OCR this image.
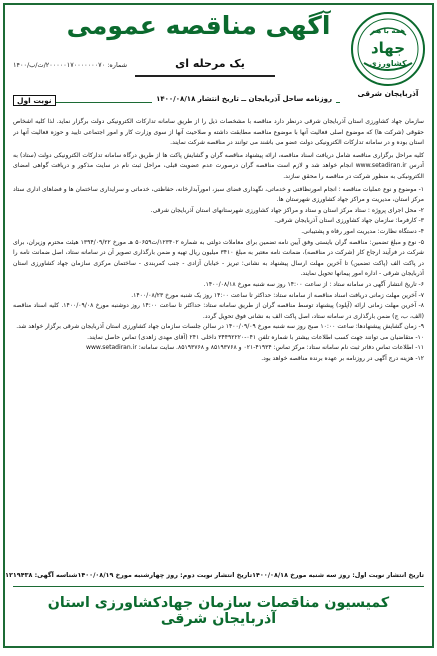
همه با هم
جهاد
کشاورزی
آذربایجان شرقی
آگهی مناقصه عمومی
یک مرحله ای
شماره: ۲۰۰۰۰۰۱۷۰۰۰۰۰۰۰۷۰/ت/ب/۱۴۰۰
روزنامه ساحل آذربایجان ــ تاریخ انتشار ۱۴۰۰/۰۸/۱۸
نوبت اول

سازمان جهاد کشاورزی استان آذربایجان شرقی درنظر دارد مناقصه با مشخصات ذیل را از طریق سامانه تدارکات الکترونیکی دولت برگزار نماید. لذا کلیه اشخاص حقوقی (شرکت ها) که موضوع اصلی فعالیت آنها با موضوع مناقصه مطابقت داشته و صلاحیت آنها از سوی وزارت کار و امور اجتماعی تایید و حوزه فعالیت آنها در استان بوده و در سامانه تدارکات الکترونیکی دولت عضو می باشند می توانند در مناقصه شرکت نمایند.

کلیه مراحل برگزاری مناقصه شامل دریافت اسناد مناقصه، ارائه پیشنهاد مناقصه گران و گشایش پاکت ها از طریق درگاه سامانه تدارکات الکترونیکی دولت (ستاد) به آدرس www.setadiran.ir انجام خواهد شد و لازم است مناقصه گران درصورت عدم عضویت قبلی، مراحل ثبت نام در سایت مذکور و دریافت گواهی امضای الکترونیکی به منظور شرکت در مناقصه را محقق سازند.

۱- موضوع و نوع عملیات مناقصه : انجام امورنظافتی و خدماتی، نگهداری فضای سبز، امورآبدارخانه، حفاظتی، خدماتی و سرایداری ساختمان ها و فضاهای اداری ستاد مرکز استان، مدیریت و مراکز جهاد کشاورزی شهرستان ها.

۲- محل اجرای پروژه : ستاد مرکز استان و ستاد و مراکز جهاد کشاورزی شهرستانهای استان آذربایجان شرقی.

۳- کارفرما: سازمان جهاد کشاورزی استان آذربایجان شرقی.

۴- دستگاه نظارت: مدیریت امور رفاه و پشتیبانی.

۵- نوع و مبلغ تضمین: مناقصه گران بایستی وفق آیین نامه تضمین برای معاملات دولتی به شماره ۱۲۳۴۰۲/ت۵۰۶۵۹ هـ مورخ ۱۳۹۴/۰۹/۲۲ هیئت محترم وزیران، برای شرکت در فرآیند ارجاع کار (شرکت در مناقصه)، ضمانت نامه معتبر به مبلغ ۳۴۱۰ میلیون ریال تهیه و ضمن بارگذاری تصویر آن در سامانه ستاد، اصل ضمانت نامه را در پاکت الف (پاکت تضمین) تا آخرین مهلت ارسال پیشنهاد به نشانی: تبریز - خیابان آزادی - جنب کمربندی - ساختمان مرکزی سازمان جهاد کشاورزی استان آذربایجان شرقی - اداره امور پیمانها تحویل نمایند.

۶- تاریخ انتشار آگهی در سامانه ستاد : از ساعت ۱۴:۰۰ روز سه شنبه مورخ ۱۴۰۰/۰۸/۱۸.

۷- آخرین مهلت زمانی دریافت اسناد مناقصه از سامانه ستاد: حداکثر تا ساعت ۱۴:۰۰ روز یک شنبه مورخ ۱۴۰۰/۰۸/۲۳.

۸- آخرین مهلت زمانی ارائه (آپلود) پیشنهاد توسط مناقصه گران از طریق سامانه ستاد: حداکثر تا ساعت ۱۴:۰۰ روز دوشنبه مورخ ۱۴۰۰/۰۹/۰۸. کلیه اسناد مناقصه (الف، ب، ج) ضمن بارگذاری در سامانه ستاد، اصل پاکت الف به نشانی فوق تحویل گردد.

۹- زمان گشایش پیشنهادها: ساعت ۱۰:۰۰ صبح روز سه شنبه مورخ ۱۴۰۰/۰۹/۰۹ در سالن جلسات سازمان جهاد کشاورزی استان آذربایجان شرقی برگزار خواهد شد.

۱۰- متقاضیان می توانند جهت کسب اطلاعات بیشتر با شماره تلفن ۰۴۱-۳۴۴۹۲۲۲۰ داخلی ۲۴۱ (آقای مهدی زاهدی) تماس حاصل نمایند.

۱۱- اطلاعات تماس دفاتر ثبت نام سامانه ستاد: مرکز تماس: ۴۱۹۳۴-۰۲۱ و ۸۵۱۹۳۷۶۸ و ۸۵۱۹۳۷۶۸. سایت سامانه: www.setadiran.ir

۱۲- هزینه درج آگهی در روزنامه بر عهده برنده مناقصه خواهد بود.

تاریخ انتشار نوبت اول: روز سه شنبه مورخ ۱۴۰۰/۰۸/۱۸
تاریخ انتشار نوبت دوم: روز چهارشنبه مورخ ۱۴۰۰/۰۸/۱۹
شناسه آگهی: ۱۲۱۹۴۳۸
کمیسیون مناقصات سازمان جهادکشاورزی استان آذربایجان شرقی
